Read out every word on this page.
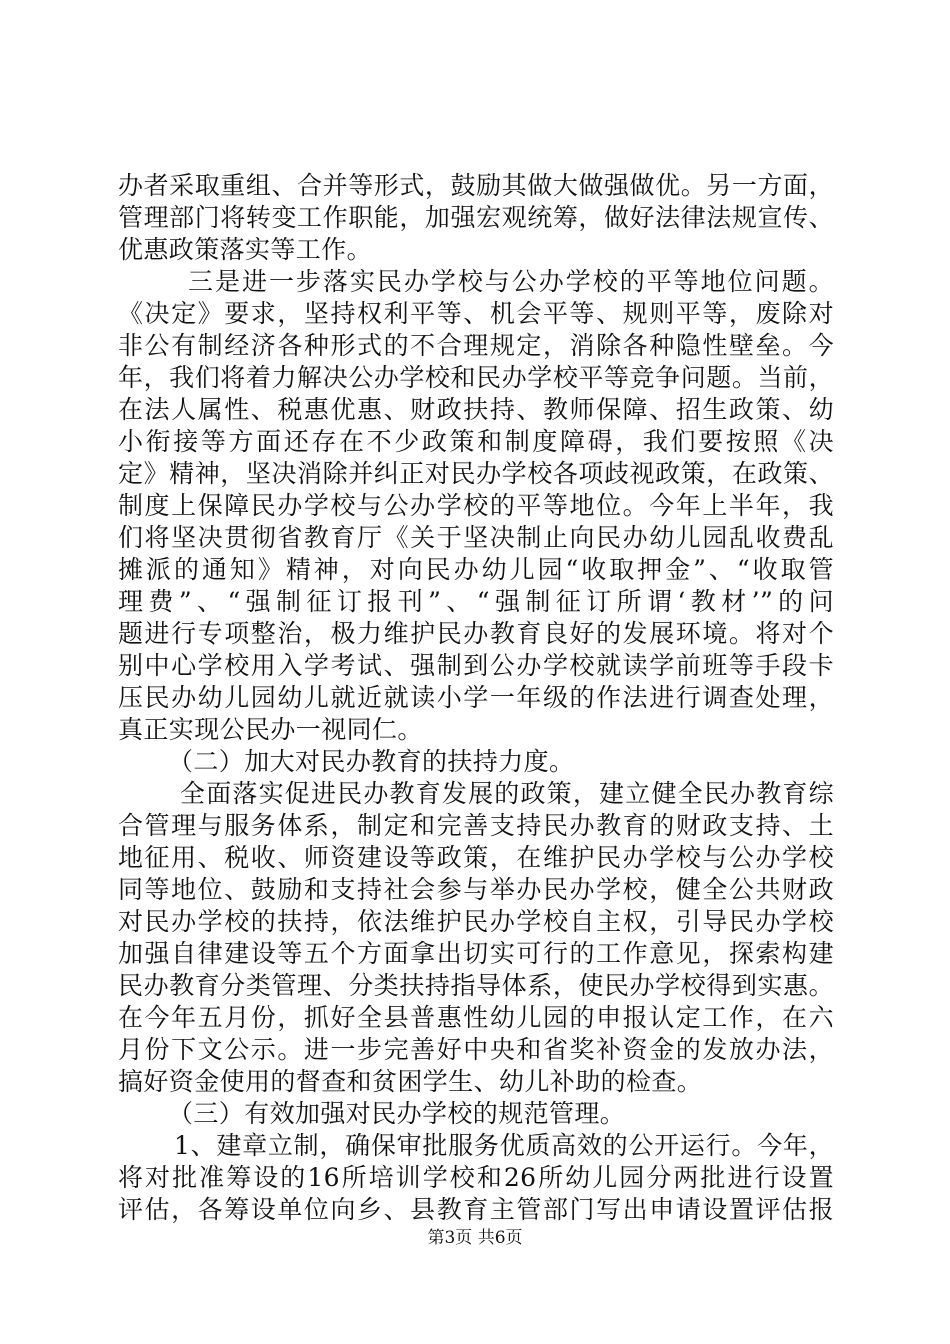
办者采取重组、合并等形式，鼓励其做大做强做优。另一方面，
管理部门将转变工作职能，加强宏观统筹，做好法律法规宣传、
优惠政策落实等工作。
三是进一步落实民办学校与公办学校的平等地位问题。
《决定》要求，坚持权利平等、机会平等、规则平等，废除对
非公有制经济各种形式的不合理规定，消除各种隐性壁垒。今
年，我们将着力解决公办学校和民办学校平等竞争问题。当前，
在法人属性、税惠优惠、财政扶持、教师保障、招生政策、幼
小衔接等方面还存在不少政策和制度障碍，我们要按照《决
定》精神，坚决消除并纠正对民办学校各项歧视政策，在政策、
制度上保障民办学校与公办学校的平等地位。今年上半年，我
们将坚决贯彻省教育厅《关于坚决制止向民办幼儿园乱收费乱
摊派的通知》精神，对向民办幼儿园“收取押金”、“收取管
理费”、“强制征订报刊”、“强制征订所谓‘教材’”的问
题进行专项整治，极力维护民办教育良好的发展环境。将对个
别中心学校用入学考试、强制到公办学校就读学前班等手段卡
压民办幼儿园幼儿就近就读小学一年级的作法进行调查处理，
真正实现公民办一视同仁。
（二）加大对民办教育的扶持力度。
全面落实促进民办教育发展的政策，建立健全民办教育综
合管理与服务体系，制定和完善支持民办教育的财政支持、土
地征用、税收、师资建设等政策，在维护民办学校与公办学校
同等地位、鼓励和支持社会参与举办民办学校，健全公共财政
对民办学校的扶持，依法维护民办学校自主权，引导民办学校
加强自律建设等五个方面拿出切实可行的工作意见，探索构建
民办教育分类管理、分类扶持指导体系，使民办学校得到实惠。
在今年五月份，抓好全县普惠性幼儿园的申报认定工作，在六
月份下文公示。进一步完善好中央和省奖补资金的发放办法，
搞好资金使用的督查和贫困学生、幼儿补助的检查。
（三）有效加强对民办学校的规范管理。
1、建章立制，确保审批服务优质高效的公开运行。今年，
将对批准筹设的16所培训学校和26所幼儿园分两批进行设置
评估，各筹设单位向乡、县教育主管部门写出申请设置评估报
第3页 共6页
